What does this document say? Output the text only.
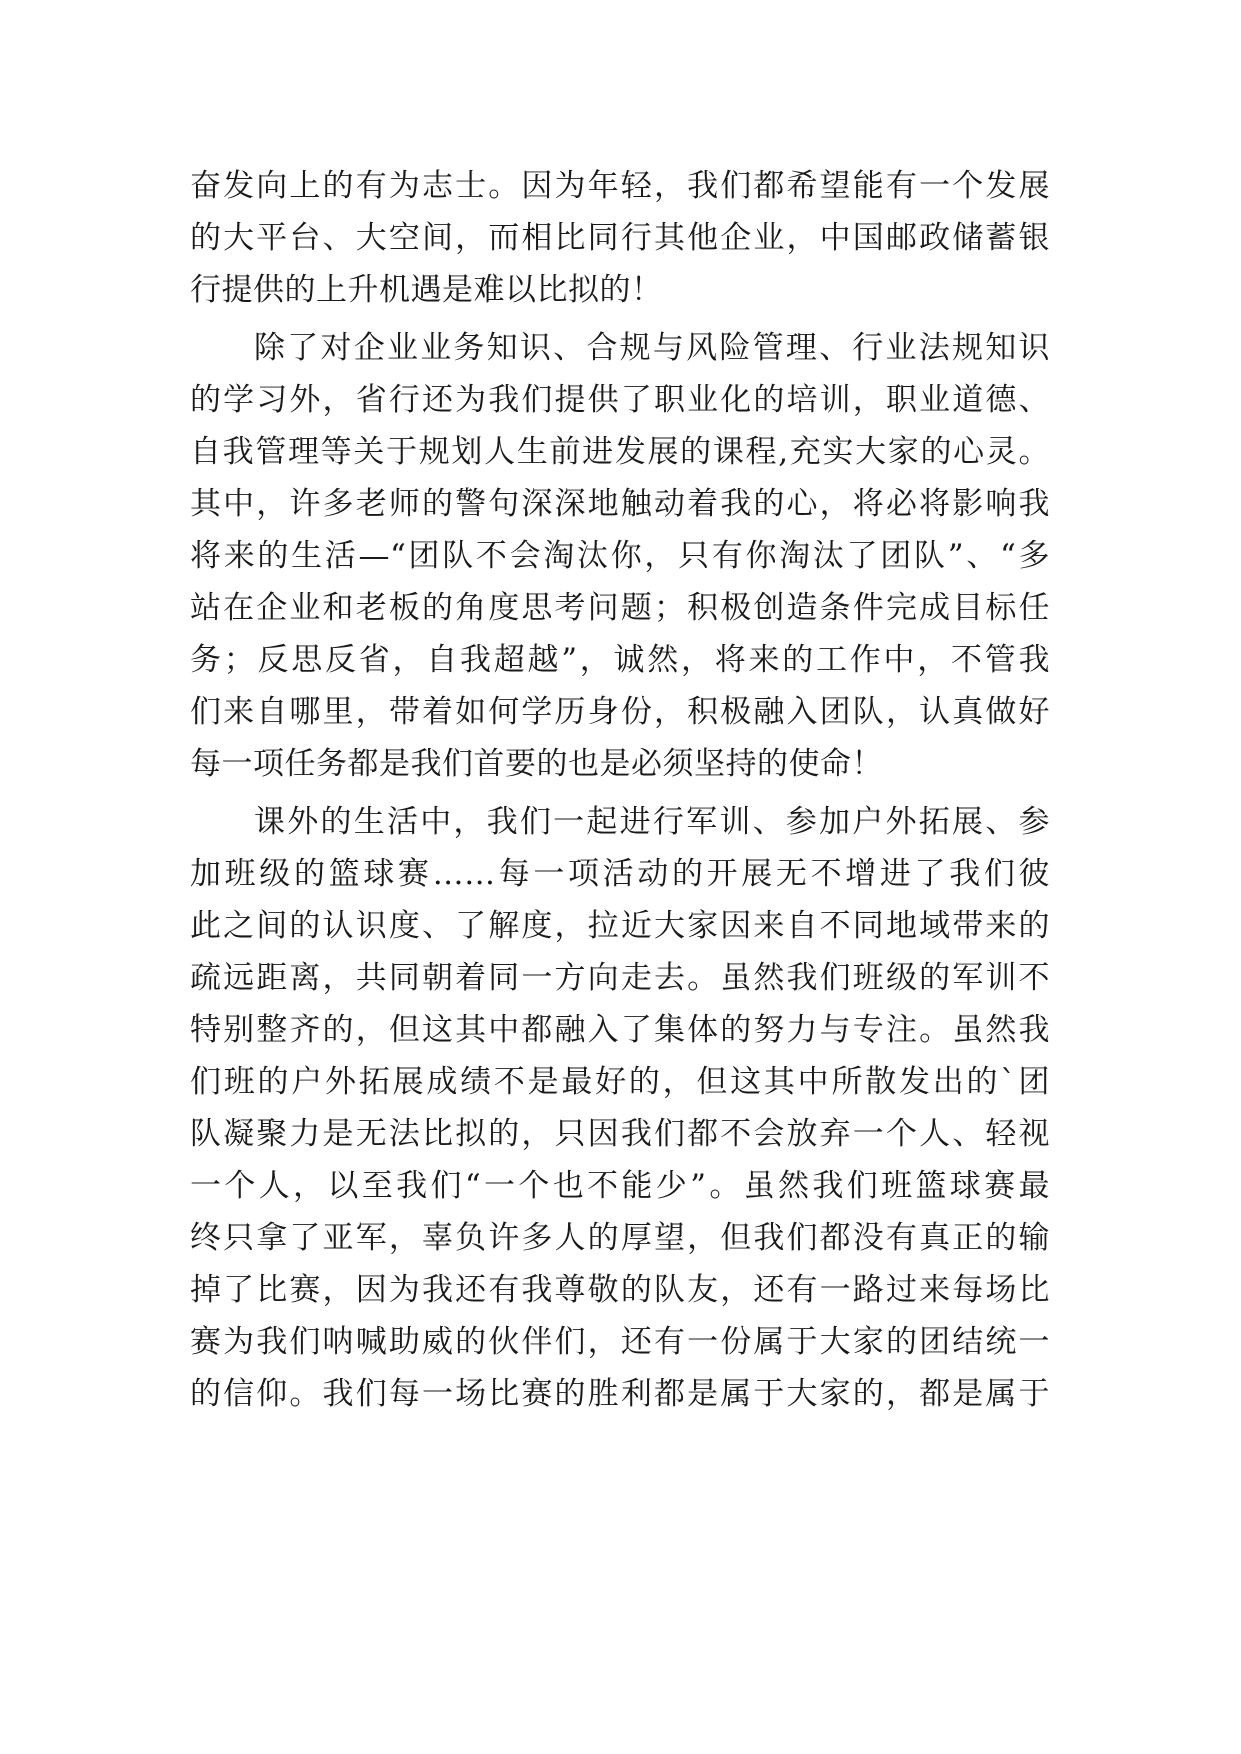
奋发向上的有为志士。因为年轻，我们都希望能有一个发展
的大平台、大空间，而相比同行其他企业，中国邮政储蓄银
行提供的上升机遇是难以比拟的！
除了对企业业务知识、合规与风险管理、行业法规知识
的学习外，省行还为我们提供了职业化的培训，职业道德、
自我管理等关于规划人生前进发展的课程,充实大家的心灵。
其中，许多老师的警句深深地触动着我的心，将必将影响我
将来的生活—“团队不会淘汰你，只有你淘汰了团队”、“多
站在企业和老板的角度思考问题；积极创造条件完成目标任
务；反思反省，自我超越”，诚然，将来的工作中，不管我
们来自哪里，带着如何学历身份，积极融入团队，认真做好
每一项任务都是我们首要的也是必须坚持的使命！
课外的生活中，我们一起进行军训、参加户外拓展、参
加班级的篮球赛……每一项活动的开展无不增进了我们彼
此之间的认识度、了解度，拉近大家因来自不同地域带来的
疏远距离，共同朝着同一方向走去。虽然我们班级的军训不
特别整齐的，但这其中都融入了集体的努力与专注。虽然我
们班的户外拓展成绩不是最好的，但这其中所散发出的`团
队凝聚力是无法比拟的，只因我们都不会放弃一个人、轻视
一个人，以至我们“一个也不能少”。虽然我们班篮球赛最
终只拿了亚军，辜负许多人的厚望，但我们都没有真正的输
掉了比赛，因为我还有我尊敬的队友，还有一路过来每场比
赛为我们呐喊助威的伙伴们，还有一份属于大家的团结统一
的信仰。我们每一场比赛的胜利都是属于大家的，都是属于
